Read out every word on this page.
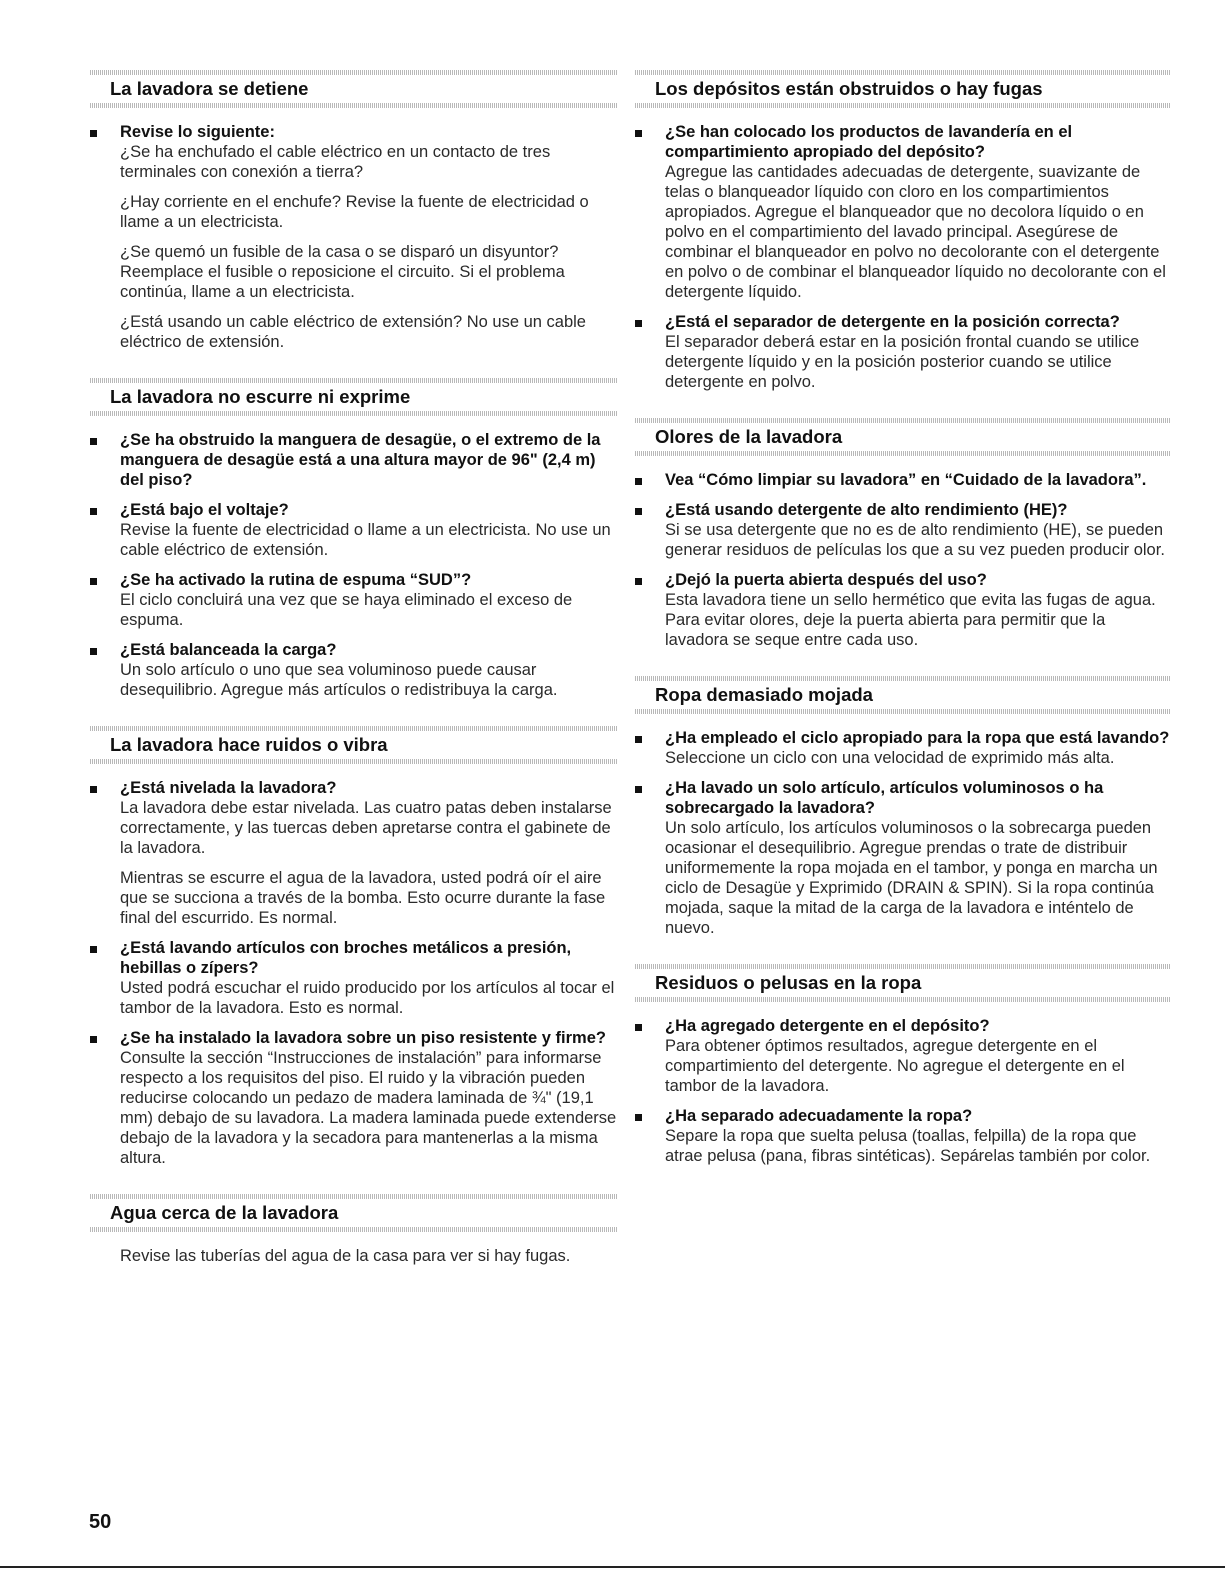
La lavadora se detiene
Revise lo siguiente:

¿Se ha enchufado el cable eléctrico en un contacto de tres terminales con conexión a tierra?

¿Hay corriente en el enchufe? Revise la fuente de electricidad o llame a un electricista.

¿Se quemó un fusible de la casa o se disparó un disyuntor? Reemplace el fusible o reposicione el circuito. Si el problema continúa, llame a un electricista.

¿Está usando un cable eléctrico de extensión? No use un cable eléctrico de extensión.

La lavadora no escurre ni exprime
¿Se ha obstruido la manguera de desagüe, o el extremo de la manguera de desagüe está a una altura mayor de 96" (2,4 m) del piso?
¿Está bajo el voltaje?

Revise la fuente de electricidad o llame a un electricista. No use un cable eléctrico de extensión.

¿Se ha activado la rutina de espuma “SUD”?

El ciclo concluirá una vez que se haya eliminado el exceso de espuma.

¿Está balanceada la carga?

Un solo artículo o uno que sea voluminoso puede causar desequilibrio. Agregue más artículos o redistribuya la carga.

La lavadora hace ruidos o vibra
¿Está nivelada la lavadora?

La lavadora debe estar nivelada. Las cuatro patas deben instalarse correctamente, y las tuercas deben apretarse contra el gabinete de la lavadora.

Mientras se escurre el agua de la lavadora, usted podrá oír el aire que se succiona a través de la bomba. Esto ocurre durante la fase final del escurrido. Es normal.

¿Está lavando artículos con broches metálicos a presión, hebillas o zípers?

Usted podrá escuchar el ruido producido por los artículos al tocar el tambor de la lavadora. Esto es normal.

¿Se ha instalado la lavadora sobre un piso resistente y firme?

Consulte la sección “Instrucciones de instalación” para informarse respecto a los requisitos del piso. El ruido y la vibración pueden reducirse colocando un pedazo de madera laminada de ¾" (19,1 mm) debajo de su lavadora. La madera laminada puede extenderse debajo de la lavadora y la secadora para mantenerlas a la misma altura.

Agua cerca de la lavadora

Revise las tuberías del agua de la casa para ver si hay fugas.

Los depósitos están obstruidos o hay fugas
¿Se han colocado los productos de lavandería en el compartimiento apropiado del depósito?

Agregue las cantidades adecuadas de detergente, suavizante de telas o blanqueador líquido con cloro en los compartimientos apropiados. Agregue el blanqueador que no decolora líquido o en polvo en el compartimiento del lavado principal. Asegúrese de combinar el blanqueador en polvo no decolorante con el detergente en polvo o de combinar el blanqueador líquido no decolorante con el detergente líquido.

¿Está el separador de detergente en la posición correcta?

El separador deberá estar en la posición frontal cuando se utilice detergente líquido y en la posición posterior cuando se utilice detergente en polvo.

Olores de la lavadora
Vea “Cómo limpiar su lavadora” en “Cuidado de la lavadora”.
¿Está usando detergente de alto rendimiento (HE)?

Si se usa detergente que no es de alto rendimiento (HE), se pueden generar residuos de películas los que a su vez pueden producir olor.

¿Dejó la puerta abierta después del uso?

Esta lavadora tiene un sello hermético que evita las fugas de agua. Para evitar olores, deje la puerta abierta para permitir que la lavadora se seque entre cada uso.

Ropa demasiado mojada
¿Ha empleado el ciclo apropiado para la ropa que está lavando?

Seleccione un ciclo con una velocidad de exprimido más alta.

¿Ha lavado un solo artículo, artículos voluminosos o ha sobrecargado la lavadora?

Un solo artículo, los artículos voluminosos o la sobrecarga pueden ocasionar el desequilibrio. Agregue prendas o trate de distribuir uniformemente la ropa mojada en el tambor, y ponga en marcha un ciclo de Desagüe y Exprimido (DRAIN & SPIN). Si la ropa continúa mojada, saque la mitad de la carga de la lavadora e inténtelo de nuevo.

Residuos o pelusas en la ropa
¿Ha agregado detergente en el depósito?

Para obtener óptimos resultados, agregue detergente en el compartimiento del detergente. No agregue el detergente en el tambor de la lavadora.

¿Ha separado adecuadamente la ropa?

Separe la ropa que suelta pelusa (toallas, felpilla) de la ropa que atrae pelusa (pana, fibras sintéticas). Sepárelas también por color.

50
